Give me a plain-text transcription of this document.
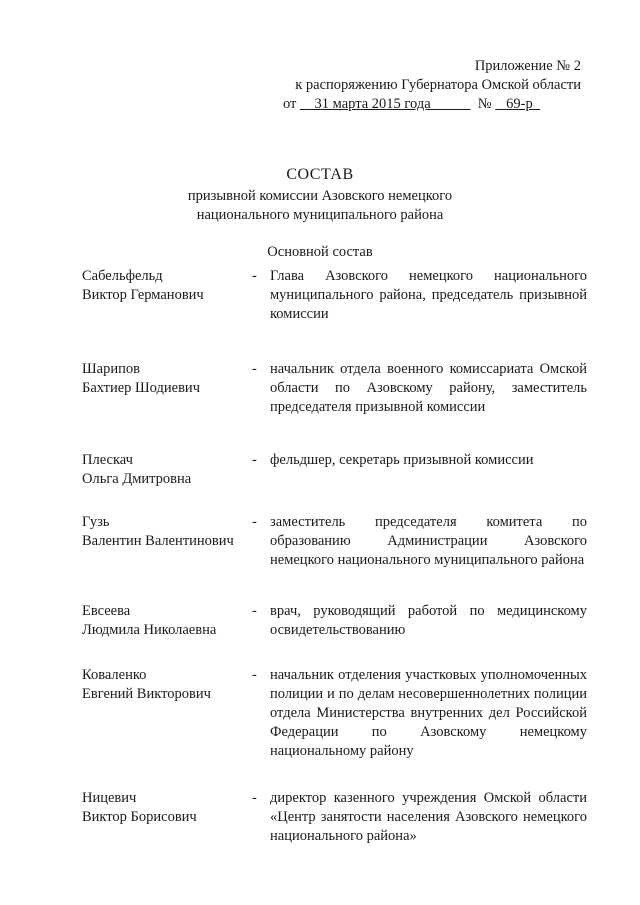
Приложение № 2
к распоряжению Губернатора Омской области
от 31 марта 2015 года	№ 69-р
СОСТАВ
призывной комиссии Азовского немецкого
национального муниципального района
Основной состав
Сабельфельд
Виктор Германович
- Глава Азовского немецкого национального муниципального района, председатель призывной комиссии
Шарипов
Бахтиер Шодиевич
- начальник отдела военного комиссариата Омской области по Азовскому району, заместитель председателя призывной комиссии
Плескач
Ольга Дмитровна
- фельдшер, секретарь призывной комиссии
Гузь
Валентин Валентинович
- заместитель председателя комитета по образованию Администрации Азовского немецкого национального муниципального района
Евсеева
Людмила Николаевна
- врач, руководящий работой по медицинскому освидетельствованию
Коваленко
Евгений Викторович
- начальник отделения участковых уполномоченных полиции и по делам несовершеннолетних полиции отдела Министерства внутренних дел Российской Федерации по Азовскому немецкому национальному району
Ницевич
Виктор Борисович
- директор казенного учреждения Омской области «Центр занятости населения Азовского немецкого национального района»
